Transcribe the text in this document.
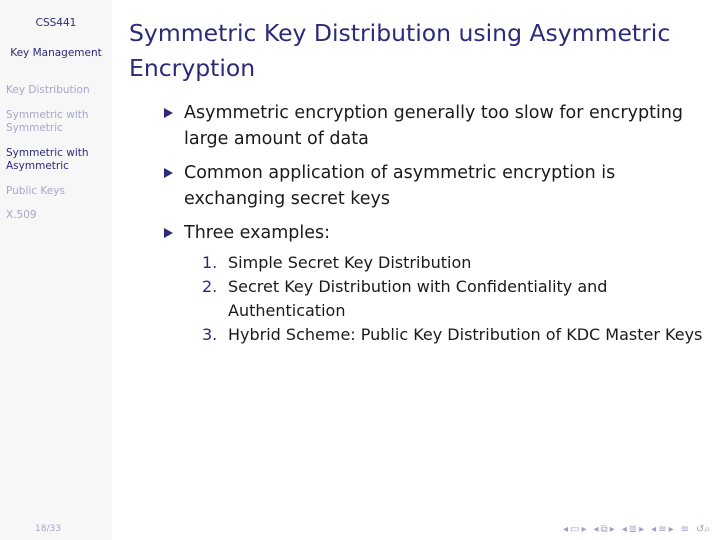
CSS441
Key Management
Key Distribution
Symmetric with Symmetric
Symmetric with Asymmetric
Public Keys
X.509
18/33
Symmetric Key Distribution using Asymmetric Encryption
Asymmetric encryption generally too slow for encrypting large amount of data
Common application of asymmetric encryption is exchanging secret keys
Three examples:
1. Simple Secret Key Distribution
2. Secret Key Distribution with Confidentiality and Authentication
3. Hybrid Scheme: Public Key Distribution of KDC Master Keys
◂ ▭ ▸ ◂ ⧉ ▸ ◂ ≣ ▸ ◂ ≡ ▸ ≡ ↺⌕
